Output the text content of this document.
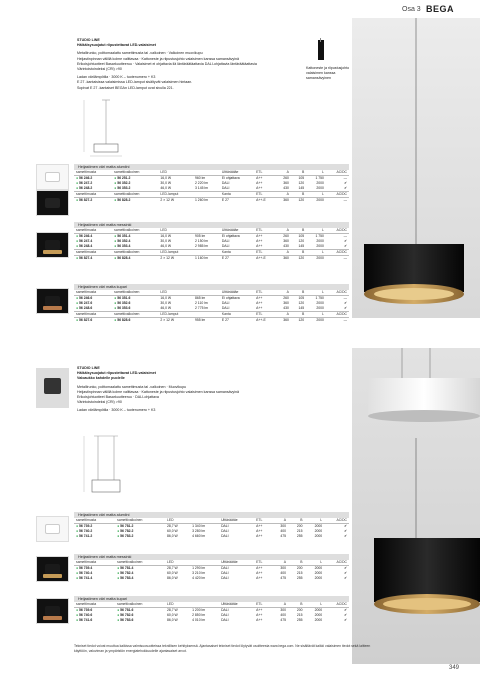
Osa 3 BEGA
STUDIO LINE
Häikäisysuojatut riipustettavat LED-valaisimet
Metallirunko, polttomaalattu samettimusta tai -valkoinen · Valkoinen muovikupu
Heijastinpinnan välillä kolme valittavaa · Kattoneste ja riipustusjohto valaisimen kanssa samansävyinä
Erikoisjohtuotteet Basarkuutteeruu · Valaisimet ei ohjattavia ilä läntäräätäattavia DALI-ohjattavia läntäräätäattavia
Värintoistoindeksi (CRI) >90
Ladan värilämpötila · 3000 K – tuotenumero + K3
E 27 -kantaisissa valaisimissa LED-lamput sisältyvät valaisimen hintaan.
Sopivat E 27 -kantaiset BEGAn LED-lamput ovat sivulla 221.
Kattoneste ja riipustusjohto valaisimen kanssa samansävyinen
Heijastimen väri matta alumiini
samettimusta	samettivalkoinen	LED		Ulttäräätäe	ETL	A	B	L	AC/DC
● 56 246.2	● 56 251.2	16,0 W	960 lm	Ei ohjattava	A++	260	105	1 750	—
● 56 247.2	● 56 352.2	30,0 W	2 220 lm	DALI	A++	360	120	2000	✔
● 56 248.2	● 56 353.2	46,0 W	3 145 lm	DALI	A++	430	145	2000	✔
samettimusta	samettivalkoinen	LED-lamput		Kanta	ETL	A	B	L	AC/DC
● 56 827.2	● 56 828.2	2 × 12 W	1 260 lm	E 27	A++-E	360	120	2000	—
Heijastimen väri matta messinki
samettimusta	samettivalkoinen	LED		Ulttäräätäe	ETL	A	B	L	AC/DC
● 56 246.4	● 56 351.4	16,0 W	905 lm	Ei ohjattava	A++	260	105	1 750	—
● 56 247.4	● 56 352.4	30,0 W	2 150 lm	DALI	A++	360	120	2000	✔
● 56 248.4	● 56 353.4	46,0 W	2 985 lm	DALI	A++	430	145	2000	✔
samettimusta	samettivalkoinen	LED-lamput		Kanta	ETL	A	B	L	AC/DC
● 56 827.4	● 56 828.4	2 × 12 W	1 160 lm	E 27	A++-E	360	120	2000	—
Heijastimen väri matta kupari
samettimusta	samettivalkoinen	LED		Ulttäräätäe	ETL	A	B	L	AC/DC
● 56 246.6	● 56 351.6	16,0 W	865 lm	Ei ohjattava	A++	260	105	1 750	—
● 56 247.6	● 56 352.6	30,0 W	2 110 lm	DALI	A++	360	120	2000	✔
● 56 248.6	● 56 353.6	46,0 W	2 775 lm	DALI	A++	430	145	2000	✔
samettimusta	samettivalkoinen	LED-lamput		Kanta	ETL	A	B	L	AC/DC
● 56 827.6	● 56 828.6	2 × 12 W	955 lm	E 27	A++-E	360	120	2000	—
STUDIO LINE
Häikäisysuojatut riipustettavat LED-valaisimet
Valoaukko kahdelle puolelle
Metallirunko, polttomaalattu samettimusta tai -valkoinen · Muovikupu
Heijastinpinnan välillä kolme valittavaa · Kattoneste ja riipustusjohto valaisimen kanssa samansävyinä
Erikoisjohtuotteet Basarkuutteeruu · DALI-ohjattava
Värintoistoindeksi (CRI) >90
Ladan värilämpötila · 3000 K – tuotenumero + K3
Heijastimen väri matta alumiini
samettimusta	samettivalkoinen	LED		Ulttäräätäe	ETL	A	B	L	AC/DC
● 56 739.2	● 56 781.2	28,7 W	1 340 lm	DALI	A++	300	200	2000	✔
● 56 740.2	● 56 782.2	60,0 W	3 280 lm	DALI	A++	400	215	2000	✔
● 56 741.2	● 56 783.2	86,0 W	4 660 lm	DALI	A++	475	255	2000	✔
Heijastimen väri matta messinki
samettimusta	samettivalkoinen	LED		Ulttäräätäe	ETL	A	B	L	AC/DC
● 56 739.4	● 56 781.4	28,7 W	1 290 lm	DALI	A++	300	200	2000	✔
● 56 740.4	● 56 782.4	60,0 W	3 210 lm	DALI	A++	400	215	2000	✔
● 56 741.4	● 56 783.4	86,0 W	4 420 lm	DALI	A++	475	255	2000	✔
Heijastimen väri matta kupari
samettimusta	samettivalkoinen	LED		Ulttäräätäe	ETL	A	B	L	AC/DC
● 56 739.6	● 56 781.6	28,7 W	1 200 lm	DALI	A++	300	200	2000	✔
● 56 740.6	● 56 782.6	60,0 W	2 850 lm	DALI	A++	400	215	2000	✔
● 56 741.6	● 56 783.6	86,0 W	4 010 lm	DALI	A++	475	255	2000	✔
Tekniset tiedot voivat muuttua kaikissa valmisuosuotteissa teknillisen kehityksensä. Ajantasaiset tekniset tiedot löytyvät osoitteesta www.bega.com. Ne sisältävät kaikki valaisimen tiedot sekä laitteen käyttöön, valoviman ja ympäristön energiatehokkuudelle ajantasaiset arvot.
349
